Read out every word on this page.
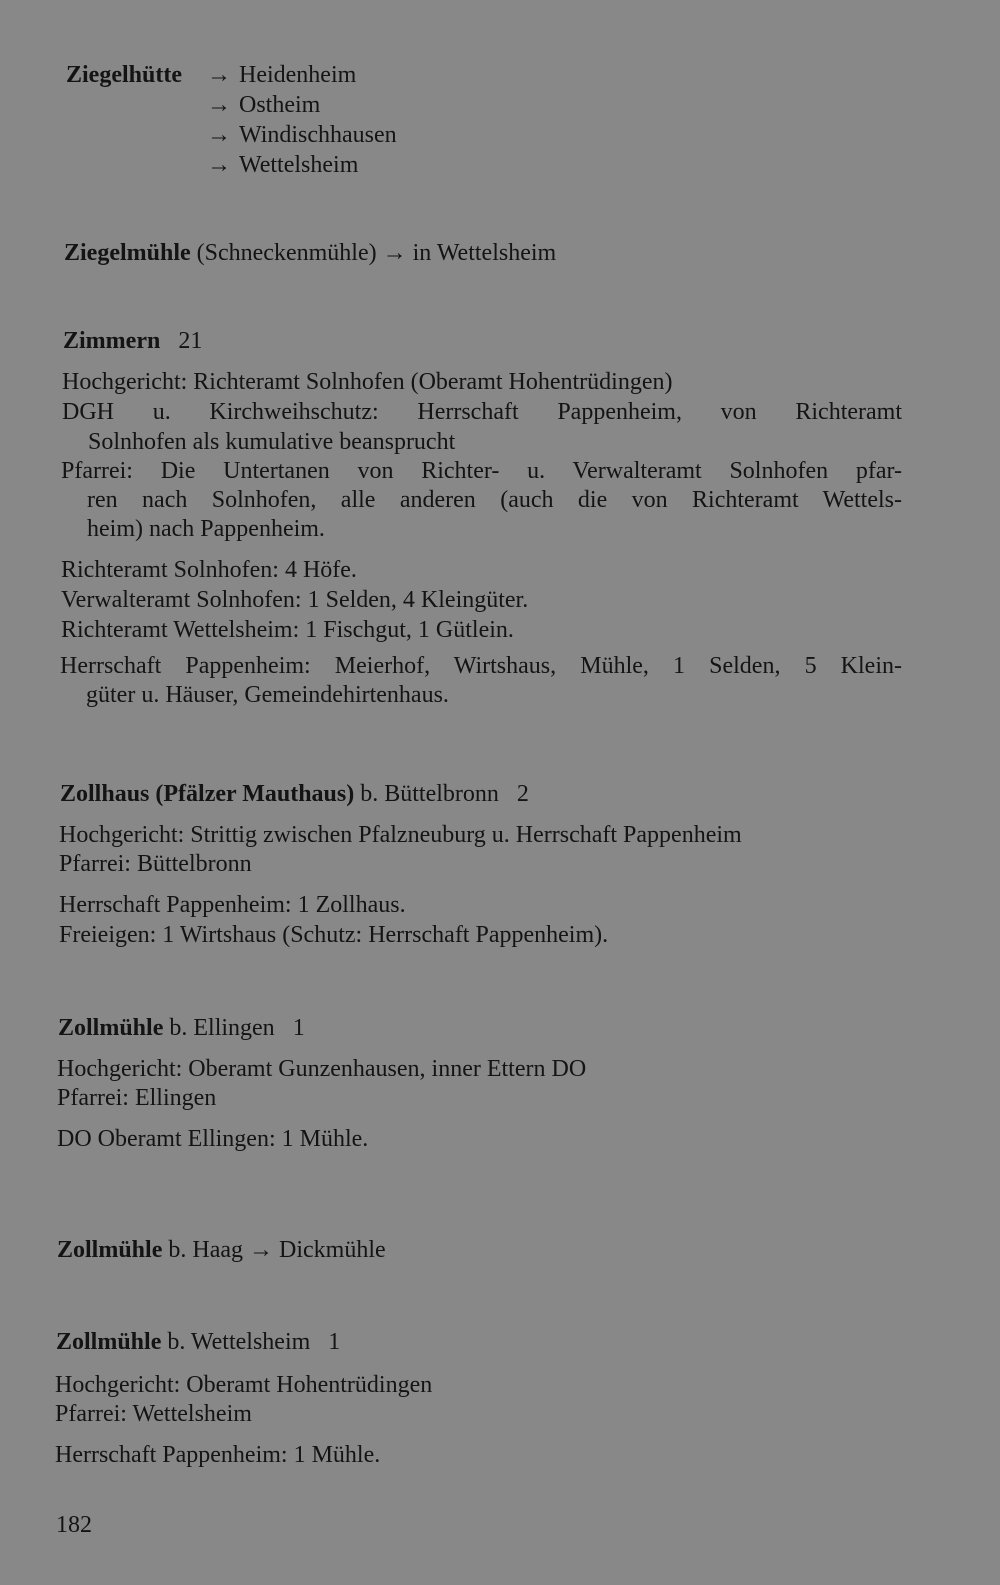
Ziegelhütte → Heidenheim
→ Ostheim
→ Windischhausen
→ Wettelsheim
Ziegelmühle (Schneckenmühle) → in Wettelsheim
Zimmern 21
Hochgericht: Richteramt Solnhofen (Oberamt Hohentrüdingen)
DGH u. Kirchweihschutz: Herrschaft Pappenheim, von Richteramt
Solnhofen als kumulative beansprucht
Pfarrei: Die Untertanen von Richter- u. Verwalteramt Solnhofen pfar-
ren nach Solnhofen, alle anderen (auch die von Richteramt Wettels-
heim) nach Pappenheim.
Richteramt Solnhofen: 4 Höfe.
Verwalteramt Solnhofen: 1 Selden, 4 Kleingüter.
Richteramt Wettelsheim: 1 Fischgut, 1 Gütlein.
Herrschaft Pappenheim: Meierhof, Wirtshaus, Mühle, 1 Selden, 5 Klein-
güter u. Häuser, Gemeindehirtenhaus.
Zollhaus (Pfälzer Mauthaus) b. Büttelbronn 2
Hochgericht: Strittig zwischen Pfalzneuburg u. Herrschaft Pappenheim
Pfarrei: Büttelbronn
Herrschaft Pappenheim: 1 Zollhaus.
Freieigen: 1 Wirtshaus (Schutz: Herrschaft Pappenheim).
Zollmühle b. Ellingen 1
Hochgericht: Oberamt Gunzenhausen, inner Ettern DO
Pfarrei: Ellingen
DO Oberamt Ellingen: 1 Mühle.
Zollmühle b. Haag → Dickmühle
Zollmühle b. Wettelsheim 1
Hochgericht: Oberamt Hohentrüdingen
Pfarrei: Wettelsheim
Herrschaft Pappenheim: 1 Mühle.
182
